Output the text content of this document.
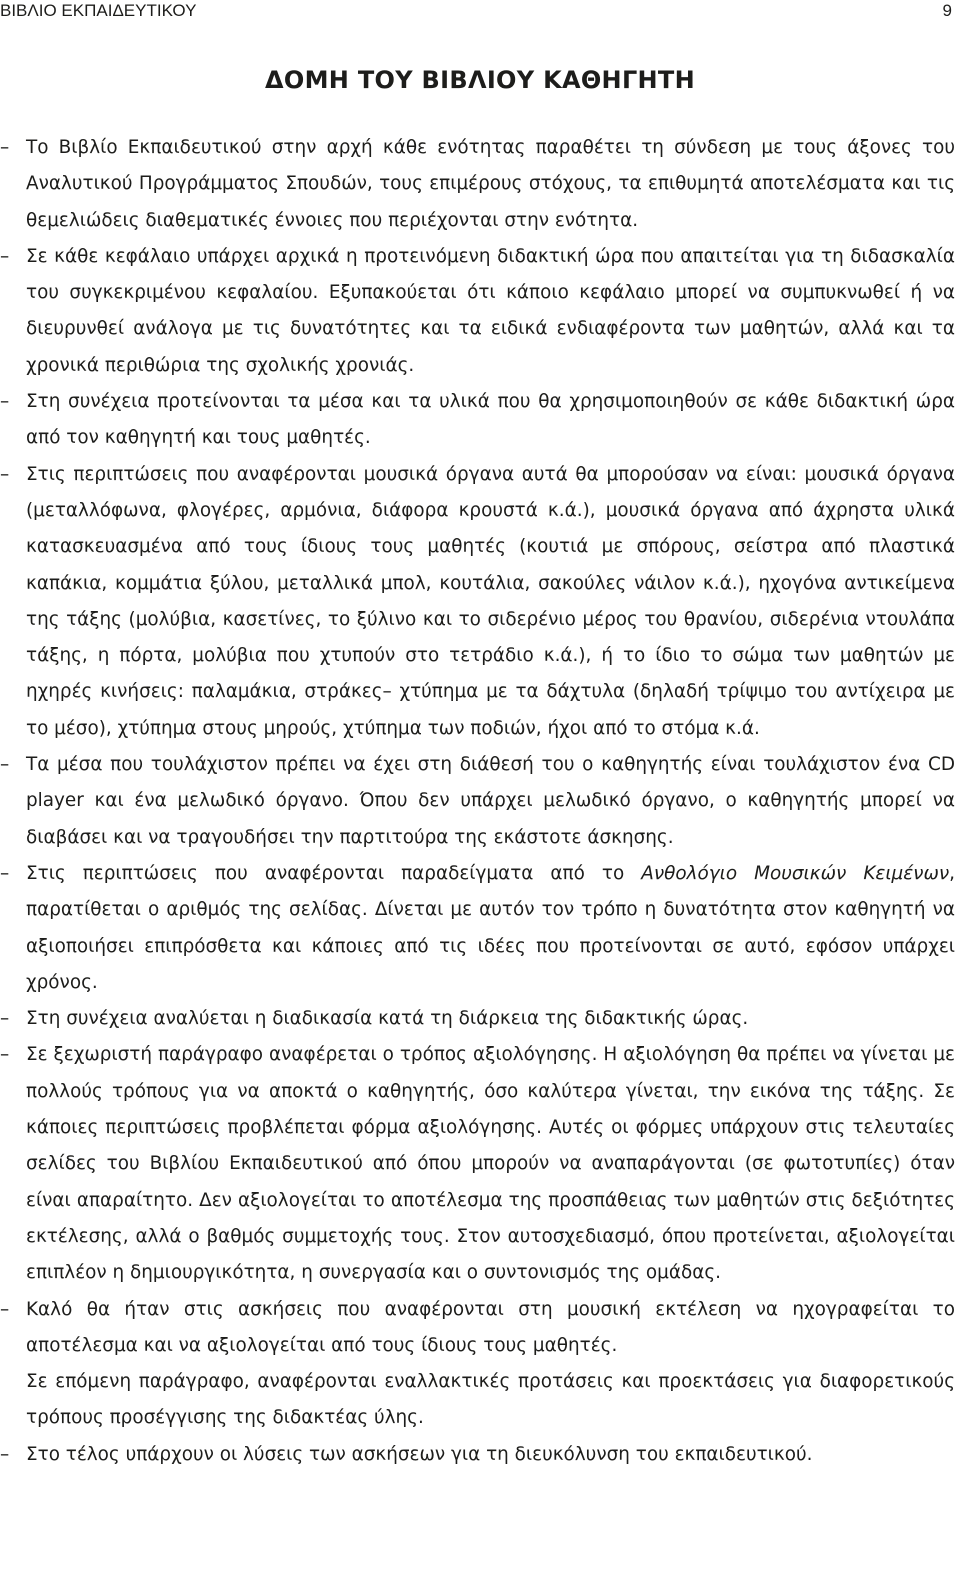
ΒΙΒΛΙΟ ΕΚΠΑΙΔΕΥΤΙΚΟΥ	9
ΔΟΜΗ ΤΟΥ ΒΙΒΛΙΟΥ ΚΑΘΗΓΗΤΗ

– Το Βιβλίο Εκπαιδευτικού στην αρχή κάθε ενότητας παραθέτει τη σύνδεση με τους άξονες του Αναλυτικού Προγράμματος Σπουδών, τους επιμέρους στόχους, τα επιθυμητά αποτελέσματα και τις θεμελιώδεις διαθεματικές έννοιες που περιέχονται στην ενότητα.

– Σε κάθε κεφάλαιο υπάρχει αρχικά η προτεινόμενη διδακτική ώρα που απαιτείται για τη διδασκαλία του συγκεκριμένου κεφαλαίου. Εξυπακούεται ότι κάποιο κεφάλαιο μπορεί να συμπυκνωθεί ή να διευρυνθεί ανάλογα με τις δυνατότητες και τα ειδικά ενδιαφέροντα των μαθητών, αλλά και τα χρονικά περιθώρια της σχολικής χρονιάς.

– Στη συνέχεια προτείνονται τα μέσα και τα υλικά που θα χρησιμοποιηθούν σε κάθε διδακτική ώρα από τον καθηγητή και τους μαθητές.

– Στις περιπτώσεις που αναφέρονται μουσικά όργανα αυτά θα μπορούσαν να είναι: μουσικά όργανα (μεταλλόφωνα, φλογέρες, αρμόνια, διάφορα κρουστά κ.ά.), μουσικά όργανα από άχρηστα υλικά κατασκευασμένα από τους ίδιους τους μαθητές (κουτιά με σπόρους, σείστρα από πλαστικά καπάκια, κομμάτια ξύλου, μεταλλικά μπολ, κουτάλια, σακούλες νάιλον κ.ά.), ηχογόνα αντικείμενα της τάξης (μολύβια, κασετίνες, το ξύλινο και το σιδερένιο μέρος του θρανίου, σιδερένια ντουλάπα τάξης, η πόρτα, μολύβια που χτυπούν στο τετράδιο κ.ά.), ή το ίδιο το σώμα των μαθητών με ηχηρές κινήσεις: παλαμάκια, στράκες– χτύπημα με τα δάχτυλα (δηλαδή τρίψιμο του αντίχειρα με το μέσο), χτύπημα στους μηρούς, χτύπημα των ποδιών, ήχοι από το στόμα κ.ά.

– Τα μέσα που τουλάχιστον πρέπει να έχει στη διάθεσή του ο καθηγητής είναι τουλάχιστον ένα CD player και ένα μελωδικό όργανο. Όπου δεν υπάρχει μελωδικό όργανο, ο καθηγητής μπορεί να διαβάσει και να τραγουδήσει την παρτιτούρα της εκάστοτε άσκησης.

– Στις περιπτώσεις που αναφέρονται παραδείγματα από το Ανθολόγιο Μουσικών Κειμένων, παρατίθεται ο αριθμός της σελίδας. Δίνεται με αυτόν τον τρόπο η δυνατότητα στον καθηγητή να αξιοποιήσει επιπρόσθετα και κάποιες από τις ιδέες που προτείνονται σε αυτό, εφόσον υπάρχει χρόνος.

– Στη συνέχεια αναλύεται η διαδικασία κατά τη διάρκεια της διδακτικής ώρας.

– Σε ξεχωριστή παράγραφο αναφέρεται ο τρόπος αξιολόγησης. Η αξιολόγηση θα πρέπει να γίνεται με πολλούς τρόπους για να αποκτά ο καθηγητής, όσο καλύτερα γίνεται, την εικόνα της τάξης. Σε κάποιες περιπτώσεις προβλέπεται φόρμα αξιολόγησης. Αυτές οι φόρμες υπάρχουν στις τελευταίες σελίδες του Βιβλίου Εκπαιδευτικού από όπου μπορούν να αναπαράγονται (σε φωτοτυπίες) όταν είναι απαραίτητο. Δεν αξιολογείται το αποτέλεσμα της προσπάθειας των μαθητών στις δεξιότητες εκτέλεσης, αλλά ο βαθμός συμμετοχής τους. Στον αυτοσχεδιασμό, όπου προτείνεται, αξιολογείται επιπλέον η δημιουργικότητα, η συνεργασία και ο συντονισμός της ομάδας.

– Καλό θα ήταν στις ασκήσεις που αναφέρονται στη μουσική εκτέλεση να ηχογραφείται το αποτέλεσμα και να αξιολογείται από τους ίδιους τους μαθητές.

Σε επόμενη παράγραφο, αναφέρονται εναλλακτικές προτάσεις και προεκτάσεις για διαφορετικούς τρόπους προσέγγισης της διδακτέας ύλης.

– Στο τέλος υπάρχουν οι λύσεις των ασκήσεων για τη διευκόλυνση του εκπαιδευτικού.
